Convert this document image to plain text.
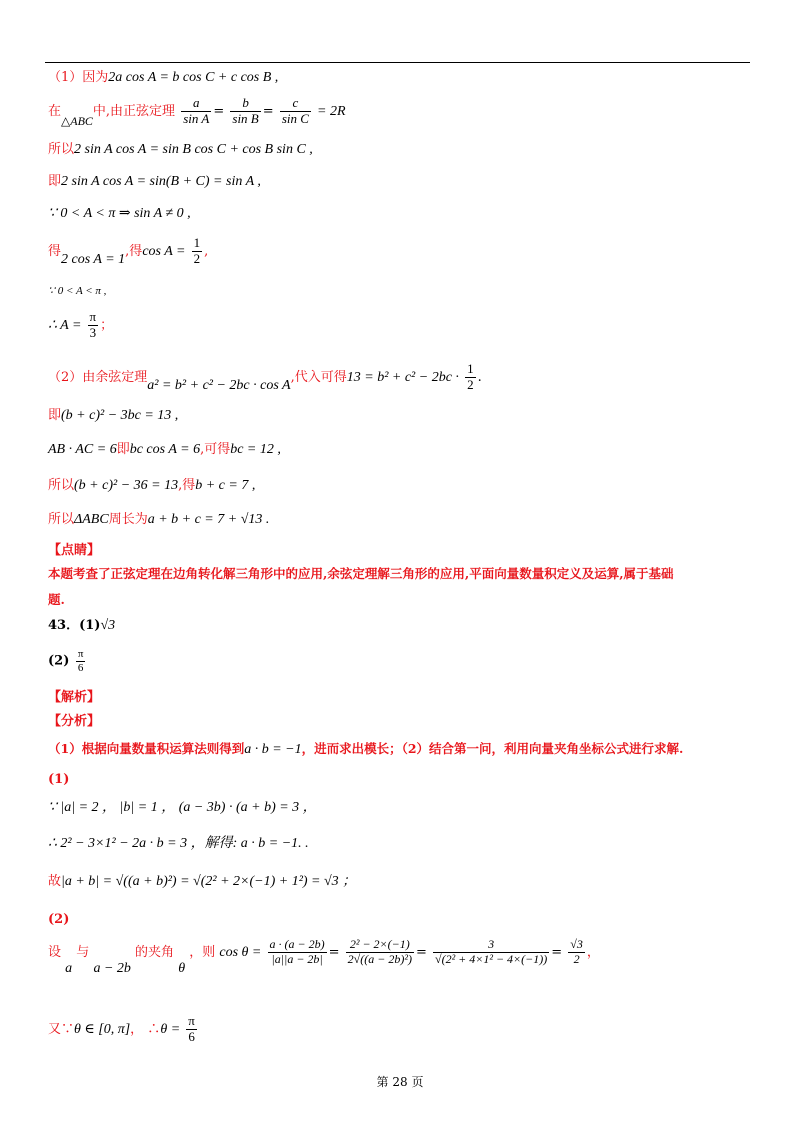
（1）因为2a cos A = b cos C + c cos B ,
在△ABC中,由正弦定理 $\frac{a}{\text{sin A}} = \frac{b}{\text{sin B}} = \frac{c}{\text{sin C}} = 2R$
所以2 sin A cos A = sin B cos C + cos B sin C ,
即2 sin A cos A = sin(B + C) = sin A ,
∵ 0 < A < π ⇒ sin A ≠ 0 ,
得2 cos A = 1,得$\cos A = \frac{1}{2}$ ,
∵ 0 < A < π ,
∴ $A = \frac{\pi}{3}$ ；
（2）由余弦定理a² = b² + c² − 2bc · cos A,代入可得$13 = b^2 + c^2 - 2bc \cdot \frac{1}{2}$ .
即(b + c)² − 3bc = 13 ,
AB · AC = 6即bc cos A = 6,可得bc = 12 ,
所以(b + c)² − 36 = 13,得b + c = 7 ,
所以ΔABC周长为a + b + c = 7 + √13 .
【点睛】
本题考查了正弦定理在边角转化解三角形中的应用,余弦定理解三角形的应用,平面向量数量积定义及运算,属于基础
题.
43．(1)√3
$(2) \frac{\pi}{6}$
【解析】
【分析】
（1）根据向量数量积运算法则得到a · b = −1，进而求出模长；（2）结合第一问，利用向量夹角坐标公式进行求解.
(1)
∵ |a| = 2 ， |b| = 1 ， (a − 3b) · (a + b) = 3 ，
∴ 2² − 3×1² − 2a · b = 3 ，解得: a · b = −1. .
故|a + b| = √((a + b)²) = √(2² + 2×(−1) + 1²) = √3 ；
(2)
设 a 与 a − 2b 的夹角 θ ，则 $\cos \theta = \frac{a \cdot (a - 2b)}{|a||a - 2b|} = \frac{\text{2² − 2×(−1)}}{\text{2√((a − 2b)²)}} = \frac{3}{\text{√(2² + 4×1² − 4×(−1))}} = \frac{√3}{2}$ ，
又∵θ ∈ [0, π]， ∴θ = $\frac{\pi}{6}$
第 28 页
